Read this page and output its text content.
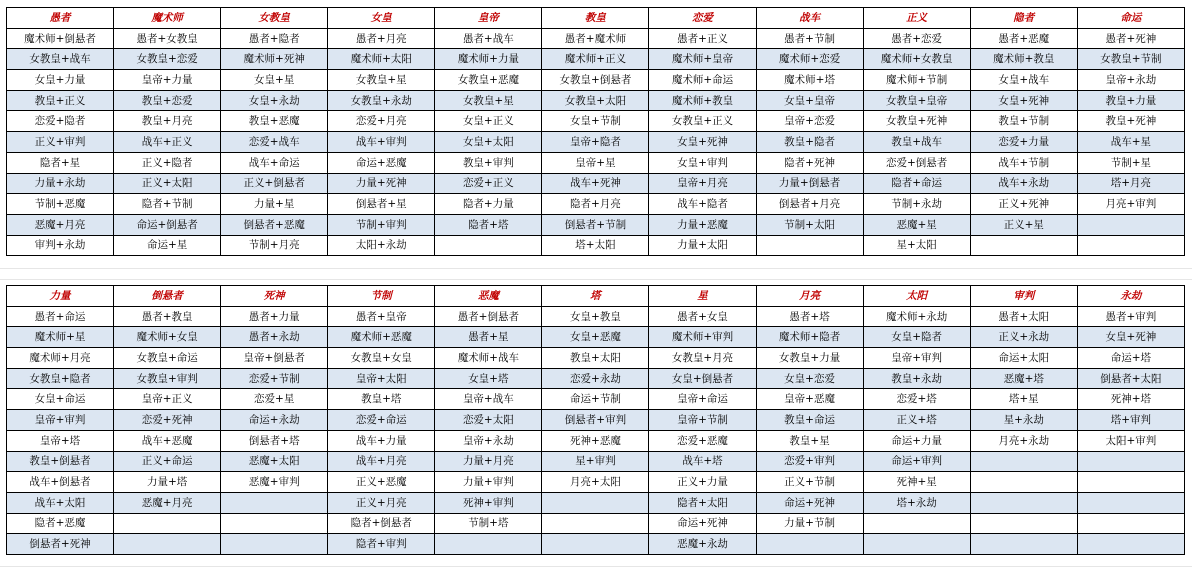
愚者	魔术师	女教皇	女皇	皇帝	教皇	恋爱	战车	正义	隐者	命运
魔术师+倒悬者	愚者+女教皇	愚者+隐者	愚者+月亮	愚者+战车	愚者+魔术师	愚者+正义	愚者+节制	愚者+恋爱	愚者+恶魔	愚者+死神
女教皇+战车	女教皇+恋爱	魔术师+死神	魔术师+太阳	魔术师+力量	魔术师+正义	魔术师+皇帝	魔术师+恋爱	魔术师+女教皇	魔术师+教皇	女教皇+节制
女皇+力量	皇帝+力量	女皇+星	女教皇+星	女教皇+恶魔	女教皇+倒悬者	魔术师+命运	魔术师+塔	魔术师+节制	女皇+战车	皇帝+永劫
教皇+正义	教皇+恋爱	女皇+永劫	女教皇+永劫	女教皇+星	女教皇+太阳	魔术师+教皇	女皇+皇帝	女教皇+皇帝	女皇+死神	教皇+力量
恋爱+隐者	教皇+月亮	教皇+恶魔	恋爱+月亮	女皇+正义	女皇+节制	女教皇+正义	皇帝+恋爱	女教皇+死神	教皇+节制	教皇+死神
正义+审判	战车+正义	恋爱+战车	战车+审判	女皇+太阳	皇帝+隐者	女皇+死神	教皇+隐者	教皇+战车	恋爱+力量	战车+星
隐者+星	正义+隐者	战车+命运	命运+恶魔	教皇+审判	皇帝+星	女皇+审判	隐者+死神	恋爱+倒悬者	战车+节制	节制+星
力量+永劫	正义+太阳	正义+倒悬者	力量+死神	恋爱+正义	战车+死神	皇帝+月亮	力量+倒悬者	隐者+命运	战车+永劫	塔+月亮
节制+恶魔	隐者+节制	力量+星	倒悬者+星	隐者+力量	隐者+月亮	战车+隐者	倒悬者+月亮	节制+永劫	正义+死神	月亮+审判
恶魔+月亮	命运+倒悬者	倒悬者+恶魔	节制+审判	隐者+塔	倒悬者+节制	力量+恶魔	节制+太阳	恶魔+星	正义+星	
审判+永劫	命运+星	节制+月亮	太阳+永劫		塔+太阳	力量+太阳		星+太阳		
力量	倒悬者	死神	节制	恶魔	塔	星	月亮	太阳	审判	永劫
愚者+命运	愚者+教皇	愚者+力量	愚者+皇帝	愚者+倒悬者	女皇+教皇	愚者+女皇	愚者+塔	魔术师+永劫	愚者+太阳	愚者+审判
魔术师+星	魔术师+女皇	愚者+永劫	魔术师+恶魔	愚者+星	女皇+恶魔	魔术师+审判	魔术师+隐者	女皇+隐者	正义+永劫	女皇+死神
魔术师+月亮	女教皇+命运	皇帝+倒悬者	女教皇+女皇	魔术师+战车	教皇+太阳	女教皇+月亮	女教皇+力量	皇帝+审判	命运+太阳	命运+塔
女教皇+隐者	女教皇+审判	恋爱+节制	皇帝+太阳	女皇+塔	恋爱+永劫	女皇+倒悬者	女皇+恋爱	教皇+永劫	恶魔+塔	倒悬者+太阳
女皇+命运	皇帝+正义	恋爱+星	教皇+塔	皇帝+战车	命运+节制	皇帝+命运	皇帝+恶魔	恋爱+塔	塔+星	死神+塔
皇帝+审判	恋爱+死神	命运+永劫	恋爱+命运	恋爱+太阳	倒悬者+审判	皇帝+节制	教皇+命运	正义+塔	星+永劫	塔+审判
皇帝+塔	战车+恶魔	倒悬者+塔	战车+力量	皇帝+永劫	死神+恶魔	恋爱+恶魔	教皇+星	命运+力量	月亮+永劫	太阳+审判
教皇+倒悬者	正义+命运	恶魔+太阳	战车+月亮	力量+月亮	星+审判	战车+塔	恋爱+审判	命运+审判		
战车+倒悬者	力量+塔	恶魔+审判	正义+恶魔	力量+审判	月亮+太阳	正义+力量	正义+节制	死神+星		
战车+太阳	恶魔+月亮		正义+月亮	死神+审判		隐者+太阳	命运+死神	塔+永劫		
隐者+恶魔			隐者+倒悬者	节制+塔		命运+死神	力量+节制			
倒悬者+死神			隐者+审判			恶魔+永劫				
